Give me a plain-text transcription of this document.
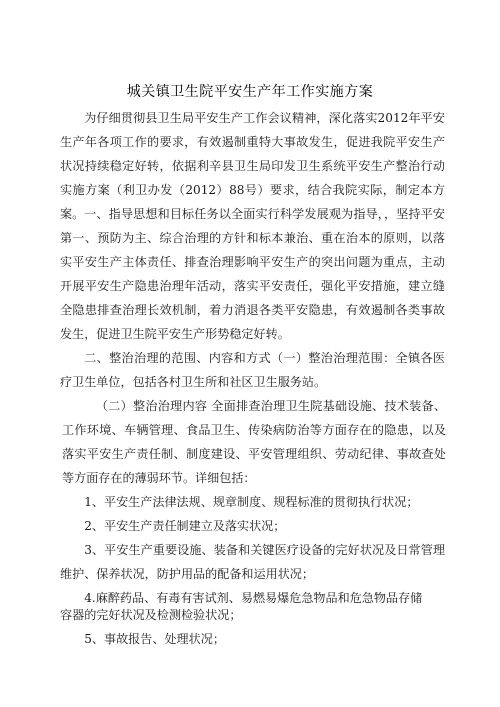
城关镇卫生院平安生产年工作实施方案

为仔细贯彻县卫生局平安生产工作会议精神，深化落实2012年平安生产年各项工作的要求，有效遏制重特大事故发生，促进我院平安生产状况持续稳定好转，依据利辛县卫生局印发卫生系统平安生产整治行动实施方案（利卫办发（2012）88号）要求，结合我院实际，制定本方案。 一、指导思想和目标任务以全面实行科学发展观为指导，，坚持平安第一、预防为主、综合治理的方针和标本兼治、重在治本的原则，以落实平安生产主体责任、排查治理影响平安生产的突出问题为重点，主动开展平安生产隐患治理年活动，落实平安责任，强化平安措施，建立缝全隐患排查治理长效机制，着力消退各类平安隐患，有效遏制各类事故发生，促进卫生院平安生产形势稳定好转。

二、整治治理的范围、内容和方式（一）整治治理范围：全镇各医疗卫生单位，包括各村卫生所和社区卫生服务站。

（二）整治治理内容 全面排查治理卫生院基础设施、技术装备、工作环境、车辆管理、食品卫生、传染病防治等方面存在的隐患，以及落实平安生产责任制、制度建设、平安管理组织、劳动纪律、事故查处等方面存在的薄弱环节。详细包括：

1、平安生产法律法规、规章制度、规程标准的贯彻执行状况；

2、平安生产责任制建立及落实状况；

3、平安生产重要设施、装备和关键医疗设备的完好状况及日常管理维护、保养状况，防护用品的配备和运用状况；

4.麻醉药品、有毒有害试剂、易燃易爆危急物品和危急物品存储

容器的完好状况及检测检验状况；

5、事故报告、处理状况；
